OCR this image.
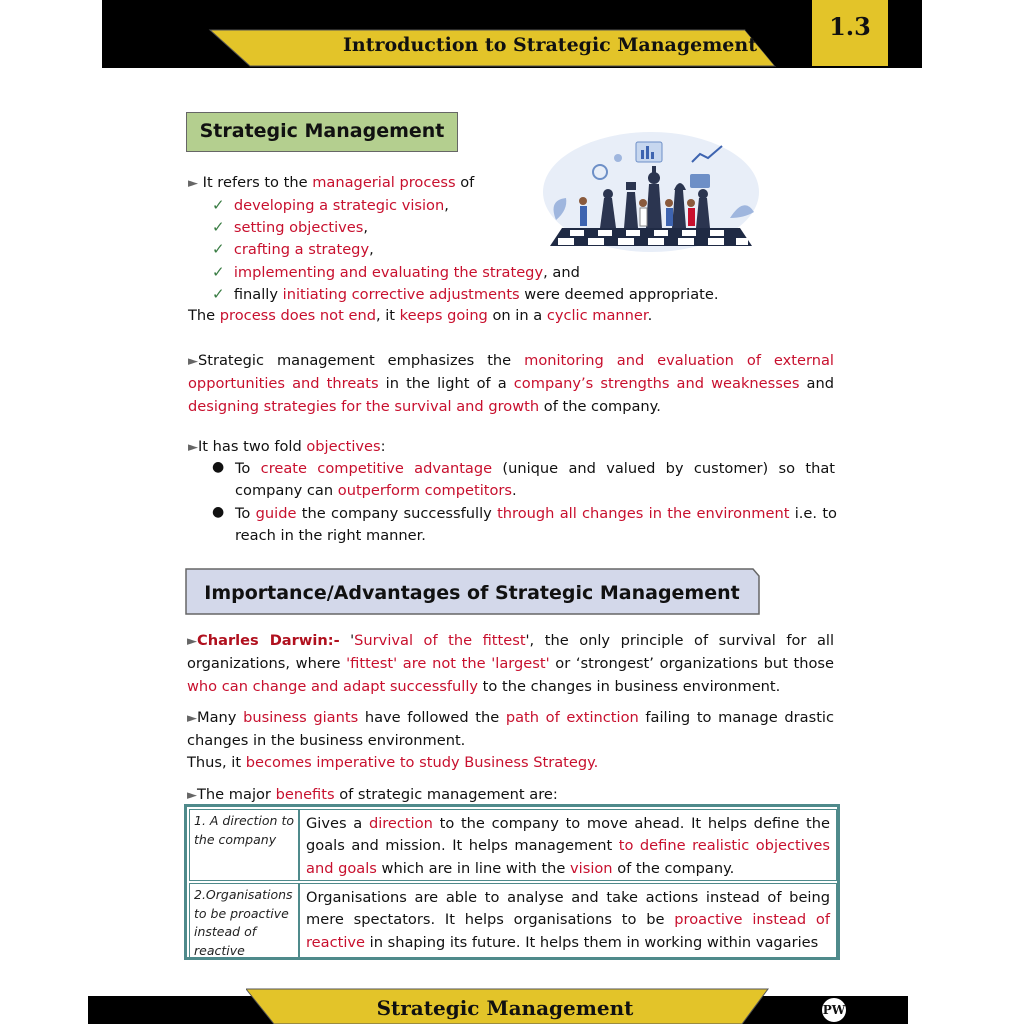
Introduction to Strategic Management
1.3
Strategic Management
► It refers to the managerial process of
✓ developing a strategic vision,
✓ setting objectives,
✓ crafting a strategy,
✓ implementing and evaluating the strategy, and
✓ finally initiating corrective adjustments were deemed appropriate.
The process does not end, it keeps going on in a cyclic manner.
►Strategic management emphasizes the monitoring and evaluation of external opportunities and threats in the light of a company’s strengths and weaknesses and designing strategies for the survival and growth of the company.
►It has two fold objectives:
● To create competitive advantage (unique and valued by customer) so that company can outperform competitors.
● To guide the company successfully through all changes in the environment i.e. to reach in the right manner.
Importance/Advantages of Strategic Management
►Charles Darwin:- 'Survival of the fittest', the only principle of survival for all organizations, where 'fittest' are not the 'largest' or ‘strongest’ organizations but those who can change and adapt successfully to the changes in business environment.
►Many business giants have followed the path of extinction failing to manage drastic changes in the business environment.
Thus, it becomes imperative to study Business Strategy.
►The major benefits of strategic management are:
1. A direction to the company
Gives a direction to the company to move ahead. It helps define the goals and mission. It helps management to define realistic objectives and goals which are in line with the vision of the company.
2.Organisations to be proactive instead of reactive
Organisations are able to analyse and take actions instead of being mere spectators. It helps organisations to be proactive instead of reactive in shaping its future. It helps them in working within vagaries
Strategic Management	PW
